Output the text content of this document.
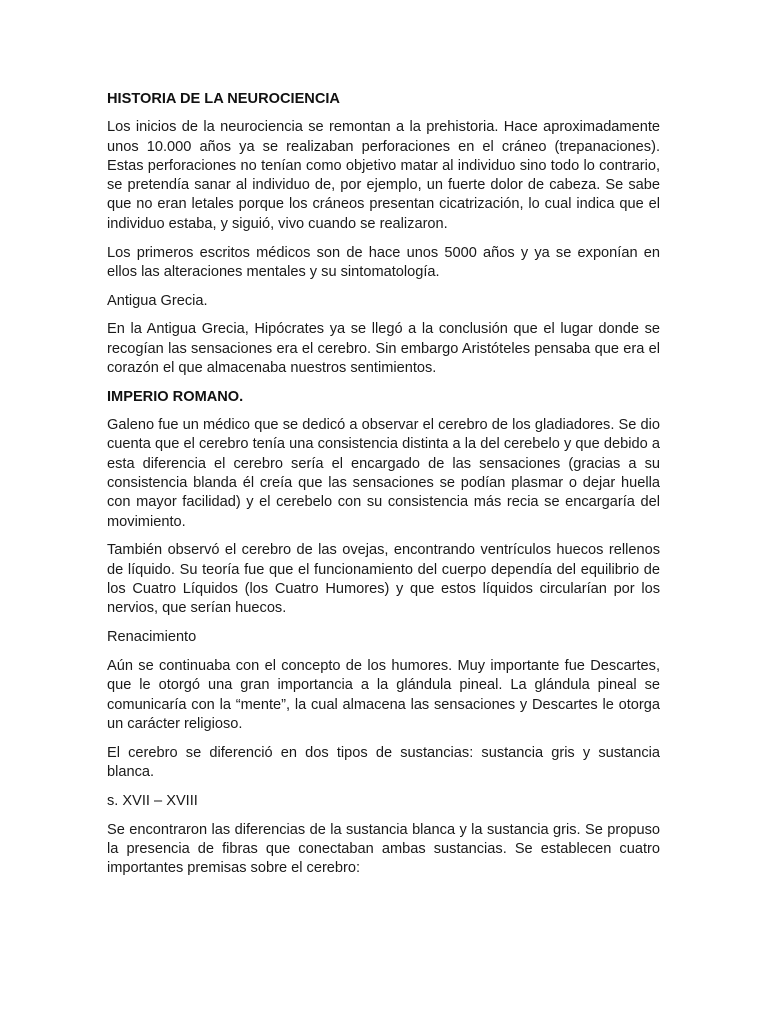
HISTORIA DE LA NEUROCIENCIA

Los inicios de la neurociencia se remontan a la prehistoria. Hace aproximadamente unos 10.000 años ya se realizaban perforaciones en el cráneo (trepanaciones). Estas perforaciones no tenían como objetivo matar al individuo sino todo lo contrario, se pretendía sanar al individuo de, por ejemplo, un fuerte dolor de cabeza. Se sabe que no eran letales porque los cráneos presentan cicatrización, lo cual indica que el individuo estaba, y siguió, vivo cuando se realizaron.

Los primeros escritos médicos son de hace unos 5000 años y ya se exponían en ellos las alteraciones mentales y su sintomatología.

Antigua Grecia.

En la Antigua Grecia, Hipócrates ya se llegó a la conclusión que el lugar donde se recogían las sensaciones era el cerebro. Sin embargo Aristóteles pensaba que era el corazón el que almacenaba nuestros sentimientos.

IMPERIO ROMANO.

Galeno fue un médico que se dedicó a observar el cerebro de los gladiadores. Se dio cuenta que el cerebro tenía una consistencia distinta a la del cerebelo y que debido a esta diferencia el cerebro sería el encargado de las sensaciones (gracias a su consistencia blanda él creía que las sensaciones se podían plasmar o dejar huella con mayor facilidad) y el cerebelo con su consistencia más recia se encargaría del movimiento.

También observó el cerebro de las ovejas, encontrando ventrículos huecos rellenos de líquido. Su teoría fue que el funcionamiento del cuerpo dependía del equilibrio de los Cuatro Líquidos (los Cuatro Humores) y que estos líquidos circularían por los nervios, que serían huecos.

Renacimiento

Aún se continuaba con el concepto de los humores. Muy importante fue Descartes, que le otorgó una gran importancia a la glándula pineal. La glándula pineal se comunicaría con la “mente”, la cual almacena las sensaciones y Descartes le otorga un carácter religioso.

El cerebro se diferenció en dos tipos de sustancias: sustancia gris y sustancia blanca.

s. XVII – XVIII

Se encontraron las diferencias de la sustancia blanca y la sustancia gris. Se propuso la presencia de fibras que conectaban ambas sustancias. Se establecen cuatro importantes premisas sobre el cerebro:
